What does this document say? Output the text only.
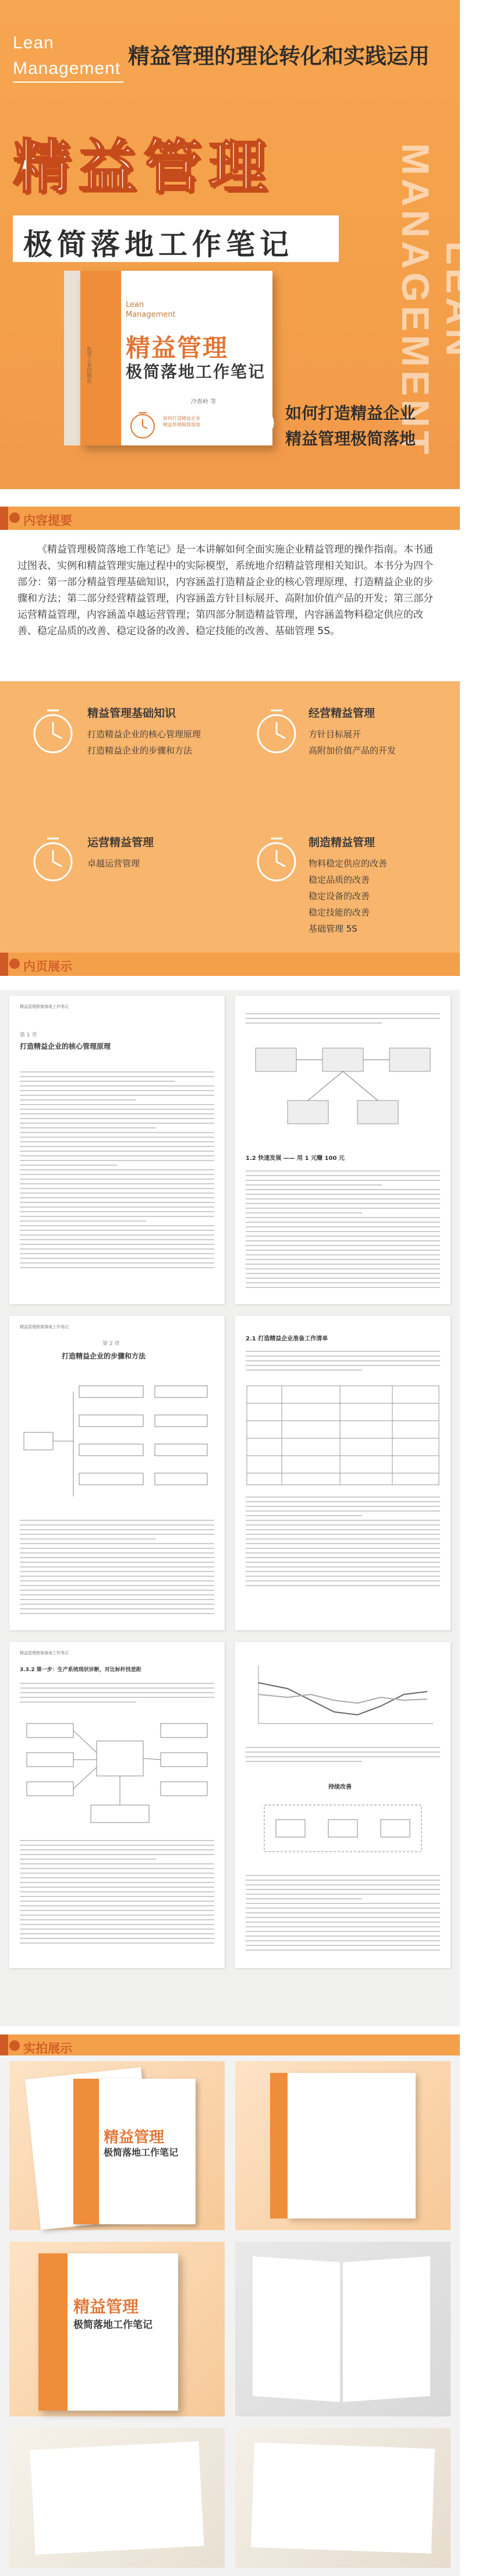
Lean
Management 精益管理的理论转化和实践运用
精益管理
极简落地工作笔记	LEAN MANAGEMENT
Lean
Management
精益管理
极简落地工作笔记
冷香岭 等
如何打造精益企业
精益管理极简落地
化学工业出版社
如何打造精益企业
精益管理极简落地
内容提要
《精益管理极简落地工作笔记》是一本讲解如何全面实施企业精益管理的操作指南。本书通过图表、实例和精益管理实施过程中的实际模型，系统地介绍精益管理相关知识。本书分为四个部分：第一部分精益管理基础知识，内容涵盖打造精益企业的核心管理原理、打造精益企业的步骤和方法；第二部分经营精益管理，内容涵盖方针目标展开、高附加价值产品的开发；第三部分运营精益管理，内容涵盖卓越运营管理；第四部分制造精益管理，内容涵盖物料稳定供应的改善、稳定品质的改善、稳定设备的改善、稳定技能的改善、基础管理 5S。
精益管理基础知识
打造精益企业的核心管理原理
打造精益企业的步骤和方法
经营精益管理
方针目标展开
高附加价值产品的开发
运营精益管理
卓越运营管理
制造精益管理
物料稳定供应的改善
稳定品质的改善
稳定设备的改善
稳定技能的改善
基础管理 5S
内页展示
精益管理极简落地工作笔记
第 1 章
打造精益企业的核心管理原理
1.2 快速发展 —— 用 1 元赚 100 元
精益管理极简落地工作笔记
第 2 章
打造精益企业的步骤和方法
2.1 打造精益企业准备工作清单
精益管理极简落地工作笔记
3.3.2 第一步：生产系统现状诊断，对比标杆找差距
持续改善
实拍展示
精益管理
极简落地工作笔记
精益管理
极简落地工作笔记
